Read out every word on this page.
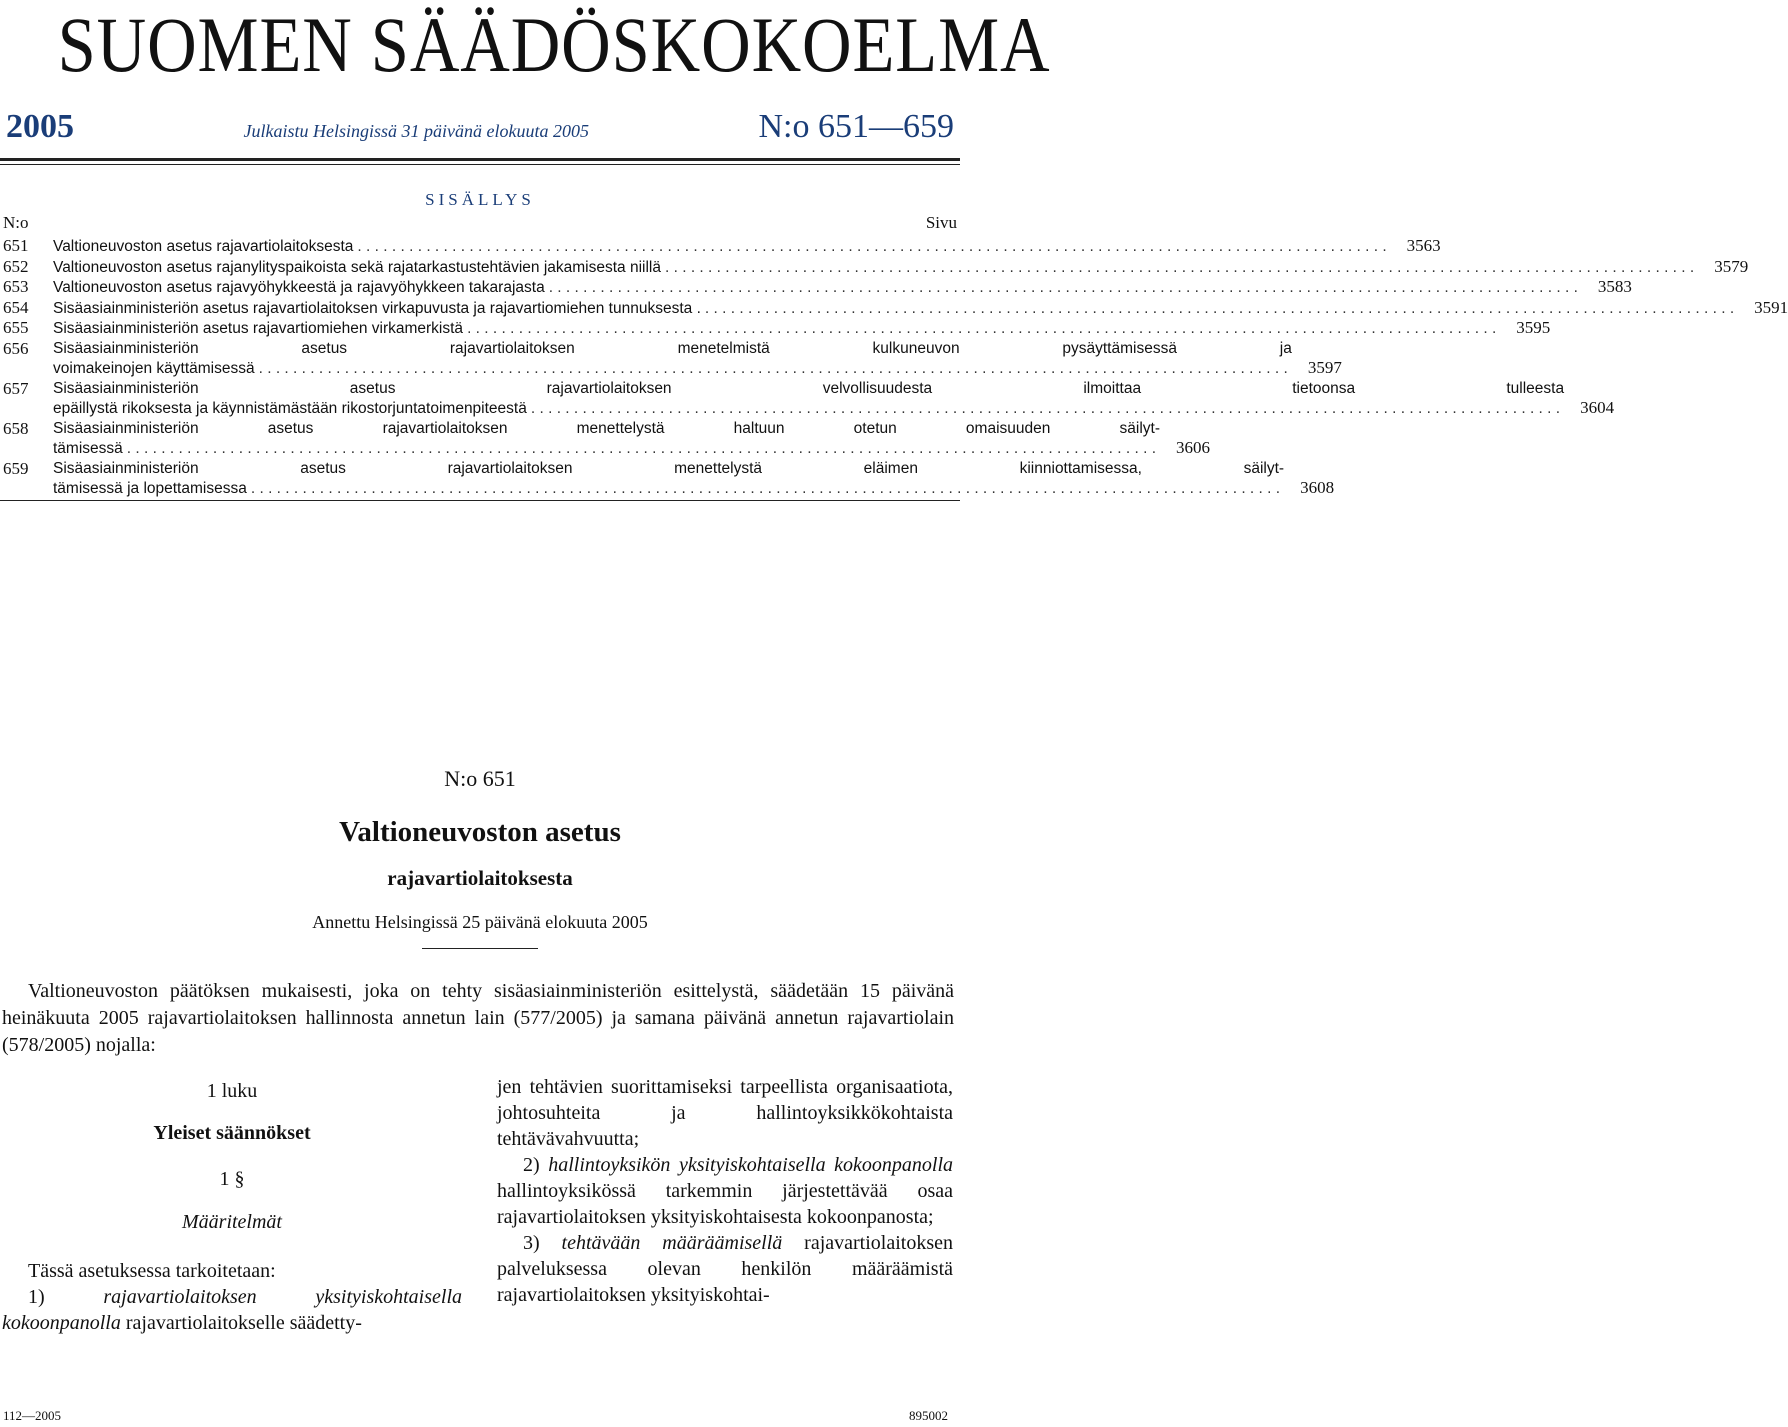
SUOMEN SÄÄDÖSKOKOELMA
2005	Julkaistu Helsingissä 31 päivänä elokuuta 2005	N:o 651—659
SISÄLLYS
N:o	Sivu
651	Valtioneuvoston asetus rajavartiolaitoksesta . . . . . . . . . . . . . . . . . . . . . . . . . . . . . . . . . . . . . . . . . . . . . . . . . . . . . . . . . . . . . . . . . . . . . . . . . . . . . . . . . . . . . . . . . . . . . . . . . . . . . . . . . . . . . . . . . . . . . . . .	3563
652	Valtioneuvoston asetus rajanylityspaikoista sekä rajatarkastustehtävien jakamisesta niillä . . . . . . . . . . . . . . . . . . . . . . . . . . . . . . . . . . . . . . . . . . . . . . . . . . . . . . . . . . . . . . . . . . . . . . . . . . . . . . . . . . . . . . . . . . . . . . . . . . . . . . . . . . . . . . . . . . . . . . . .	3579
653	Valtioneuvoston asetus rajavyöhykkeestä ja rajavyöhykkeen takarajasta . . . . . . . . . . . . . . . . . . . . . . . . . . . . . . . . . . . . . . . . . . . . . . . . . . . . . . . . . . . . . . . . . . . . . . . . . . . . . . . . . . . . . . . . . . . . . . . . . . . . . . . . . . . . . . . . . . . . . . . .	3583
654	Sisäasiainministeriön asetus rajavartiolaitoksen virkapuvusta ja rajavartiomiehen tunnuksesta . . . . . . . . . . . . . . . . . . . . . . . . . . . . . . . . . . . . . . . . . . . . . . . . . . . . . . . . . . . . . . . . . . . . . . . . . . . . . . . . . . . . . . . . . . . . . . . . . . . . . . . . . . . . . . . . . . . . . . . . .	3591
655	Sisäasiainministeriön asetus rajavartiomiehen virkamerkistä . . . . . . . . . . . . . . . . . . . . . . . . . . . . . . . . . . . . . . . . . . . . . . . . . . . . . . . . . . . . . . . . . . . . . . . . . . . . . . . . . . . . . . . . . . . . . . . . . . . . . . . . . . . . . . . . . . . . . . . .	3595
656	Sisäasiainministeriön asetus rajavartiolaitoksen menetelmistä kulkuneuvon pysäyttämisessä ja
voimakeinojen käyttämisessä . . . . . . . . . . . . . . . . . . . . . . . . . . . . . . . . . . . . . . . . . . . . . . . . . . . . . . . . . . . . . . . . . . . . . . . . . . . . . . . . . . . . . . . . . . . . . . . . . . . . . . . . . . . . . . . . . . . . . . . .	3597
657	Sisäasiainministeriön asetus rajavartiolaitoksen velvollisuudesta ilmoittaa tietoonsa tulleesta
epäillystä rikoksesta ja käynnistämästään rikostorjuntatoimenpiteestä . . . . . . . . . . . . . . . . . . . . . . . . . . . . . . . . . . . . . . . . . . . . . . . . . . . . . . . . . . . . . . . . . . . . . . . . . . . . . . . . . . . . . . . . . . . . . . . . . . . . . . . . . . . . . . . . . . . . . . . .	3604
658	Sisäasiainministeriön asetus rajavartiolaitoksen menettelystä haltuun otetun omaisuuden säilyt-
tämisessä . . . . . . . . . . . . . . . . . . . . . . . . . . . . . . . . . . . . . . . . . . . . . . . . . . . . . . . . . . . . . . . . . . . . . . . . . . . . . . . . . . . . . . . . . . . . . . . . . . . . . . . . . . . . . . . . . . . . . . . .	3606
659	Sisäasiainministeriön asetus rajavartiolaitoksen menettelystä eläimen kiinniottamisessa, säilyt-
tämisessä ja lopettamisessa . . . . . . . . . . . . . . . . . . . . . . . . . . . . . . . . . . . . . . . . . . . . . . . . . . . . . . . . . . . . . . . . . . . . . . . . . . . . . . . . . . . . . . . . . . . . . . . . . . . . . . . . . . . . . . . . . . . . . . . .	3608
N:o 651
Valtioneuvoston asetus
rajavartiolaitoksesta
Annettu Helsingissä 25 päivänä elokuuta 2005
Valtioneuvoston päätöksen mukaisesti, joka on tehty sisäasiainministeriön esittelystä, säädetään 15 päivänä heinäkuuta 2005 rajavartiolaitoksen hallinnosta annetun lain (577/2005) ja samana päivänä annetun rajavartiolain (578/2005) nojalla:
1 luku
Yleiset säännökset
1 §
Määritelmät
Tässä asetuksessa tarkoitetaan:
1)	rajavartiolaitoksen yksityiskohtaisella kokoonpanolla rajavartiolaitokselle säädetty-
jen tehtävien suorittamiseksi tarpeellista organisaatiota, johtosuhteita ja hallintoyksikkökohtaista tehtävävahvuutta;
2) hallintoyksikön yksityiskohtaisella kokoonpanolla hallintoyksikössä tarkemmin järjestettävää osaa rajavartiolaitoksen yksityiskohtaisesta kokoonpanosta;
3) tehtävään määräämisellä rajavartiolaitoksen palveluksessa olevan henkilön määräämistä rajavartiolaitoksen yksityiskohtai-
112—2005	895002
